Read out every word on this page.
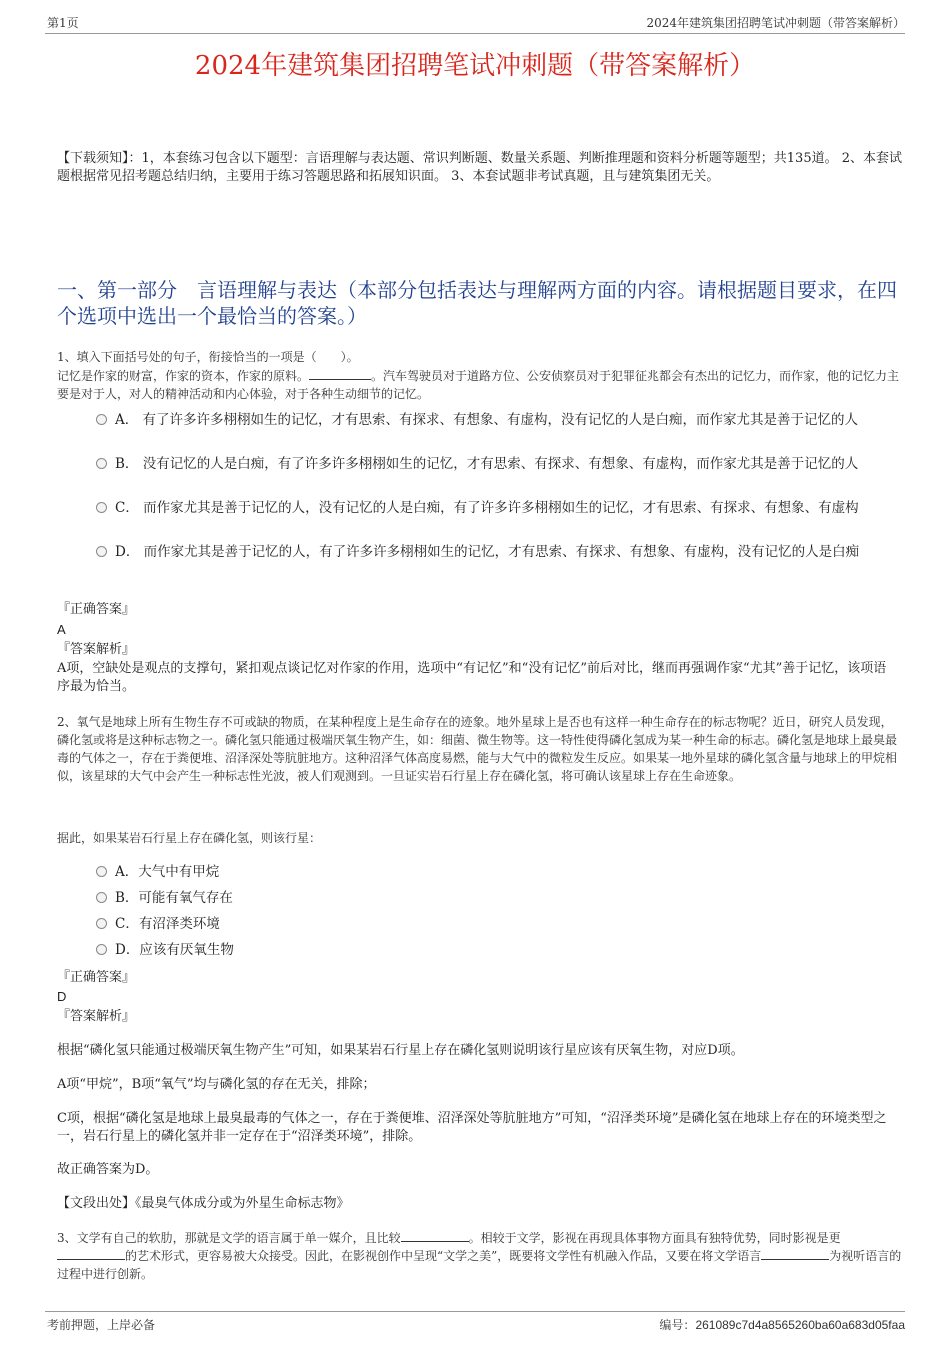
第1页	2024年建筑集团招聘笔试冲刺题（带答案解析）
2024年建筑集团招聘笔试冲刺题（带答案解析）
【下载须知】：1，本套练习包含以下题型：言语理解与表达题、常识判断题、数量关系题、判断推理题和资料分析题等题型；共135道。 2、本套试题根据常见招考题总结归纳，主要用于练习答题思路和拓展知识面。 3、本套试题非考试真题，且与建筑集团无关。
一、第一部分　言语理解与表达（本部分包括表达与理解两方面的内容。请根据题目要求，在四个选项中选出一个最恰当的答案。）
1、填入下面括号处的句子，衔接恰当的一项是（　　）。
记忆是作家的财富，作家的资本，作家的原料。	。汽车驾驶员对于道路方位、公安侦察员对于犯罪征兆都会有杰出的记忆力，而作家，他的记忆力主要是对于人，对人的精神活动和内心体验，对于各种生动细节的记忆。
A． 有了许多许多栩栩如生的记忆，才有思索、有探求、有想象、有虚构，没有记忆的人是白痴，而作家尤其是善于记忆的人
B． 没有记忆的人是白痴，有了许多许多栩栩如生的记忆，才有思索、有探求、有想象、有虚构，而作家尤其是善于记忆的人
C． 而作家尤其是善于记忆的人，没有记忆的人是白痴，有了许多许多栩栩如生的记忆，才有思索、有探求、有想象、有虚构
D． 而作家尤其是善于记忆的人，有了许多许多栩栩如生的记忆，才有思索、有探求、有想象、有虚构，没有记忆的人是白痴
『正确答案』
A
『答案解析』
A项，空缺处是观点的支撑句，紧扣观点谈记忆对作家的作用，选项中“有记忆”和“没有记忆”前后对比，继而再强调作家“尤其”善于记忆，该项语序最为恰当。
2、氧气是地球上所有生物生存不可或缺的物质，在某种程度上是生命存在的迹象。地外星球上是否也有这样一种生命存在的标志物呢？近日，研究人员发现，磷化氢或将是这种标志物之一。磷化氢只能通过极端厌氧生物产生，如：细菌、微生物等。这一特性使得磷化氢成为某一种生命的标志。磷化氢是地球上最臭最毒的气体之一，存在于粪便堆、沼泽深处等肮脏地方。这种沼泽气体高度易燃，能与大气中的微粒发生反应。如果某一地外星球的磷化氢含量与地球上的甲烷相似，该星球的大气中会产生一种标志性光波，被人们观测到。一旦证实岩石行星上存在磷化氢，将可确认该星球上存在生命迹象。
据此，如果某岩石行星上存在磷化氢，则该行星：
A．大气中有甲烷
B．可能有氧气存在
C．有沼泽类环境
D．应该有厌氧生物
『正确答案』
D
『答案解析』
根据“磷化氢只能通过极端厌氧生物产生”可知，如果某岩石行星上存在磷化氢则说明该行星应该有厌氧生物，对应D项。
A项“甲烷”，B项“氧气”均与磷化氢的存在无关，排除；
C项，根据“磷化氢是地球上最臭最毒的气体之一，存在于粪便堆、沼泽深处等肮脏地方”可知，“沼泽类环境”是磷化氢在地球上存在的环境类型之一，岩石行星上的磷化氢并非一定存在于“沼泽类环境”，排除。
故正确答案为D。
【文段出处】《最臭气体成分或为外星生命标志物》
3、文学有自己的软肋，那就是文学的语言属于单一媒介，且比较	。相较于文学，影视在再现具体事物方面具有独特优势，同时影视是更的艺术形式，更容易被大众接受。因此，在影视创作中呈现“文学之美”，既要将文学性有机融入作品，又要在将文学语言	为视听语言的过程中进行创新。
考前押题，上岸必备	编号：261089c7d4a8565260ba60a683d05faa
